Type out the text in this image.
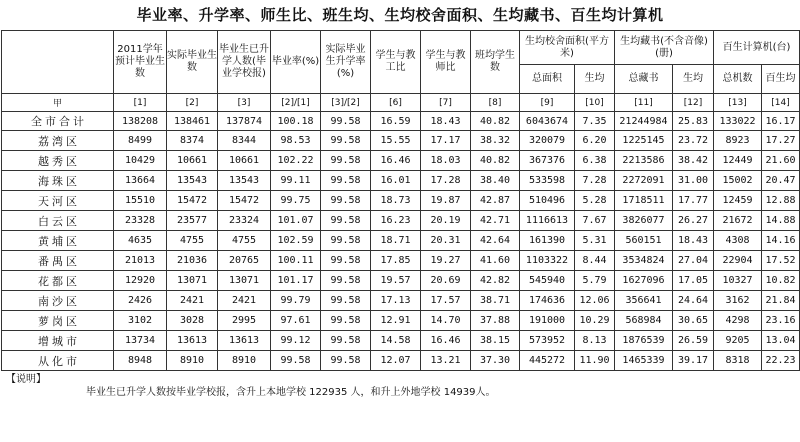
毕业率、升学率、师生比、班生均、生均校舍面积、生均藏书、百生均计算机
	2011学年预计毕业生数	实际毕业生数	毕业生已升学人数(毕业学校报)	毕业率(%)	实际毕业生升学率(%)	学生与教工比	学生与教师比	班均学生数	生均校舍面积(平方米)		生均藏书(不含音像)(册)		百生计算机(台)	
									总面积	生均	总藏书	生均	总机数	百生均
甲	[1]	[2]	[3]	[2]/[1]	[3]/[2]	[6]	[7]	[8]	[9]	[10]	[11]	[12]	[13]	[14]
全市合计	138208	138461	137874	100.18	99.58	16.59	18.43	40.82	6043674	7.35	21244984	25.83	133022	16.17
荔湾区	8499	8374	8344	98.53	99.58	15.55	17.17	38.32	320079	6.20	1225145	23.72	8923	17.27
越秀区	10429	10661	10661	102.22	99.58	16.46	18.03	40.82	367376	6.38	2213586	38.42	12449	21.60
海珠区	13664	13543	13543	99.11	99.58	16.01	17.28	38.40	533598	7.28	2272091	31.00	15002	20.47
天河区	15510	15472	15472	99.75	99.58	18.73	19.87	42.87	510496	5.28	1718511	17.77	12459	12.88
白云区	23328	23577	23324	101.07	99.58	16.23	20.19	42.71	1116613	7.67	3826077	26.27	21672	14.88
黄埔区	4635	4755	4755	102.59	99.58	18.71	20.31	42.64	161390	5.31	560151	18.43	4308	14.16
番禺区	21013	21036	20765	100.11	99.58	17.85	19.27	41.60	1103322	8.44	3534824	27.04	22904	17.52
花都区	12920	13071	13071	101.17	99.58	19.57	20.69	42.82	545940	5.79	1627096	17.05	10327	10.82
南沙区	2426	2421	2421	99.79	99.58	17.13	17.57	38.71	174636	12.06	356641	24.64	3162	21.84
萝岗区	3102	3028	2995	97.61	99.58	12.91	14.70	37.88	191000	10.29	568984	30.65	4298	23.16
增城市	13734	13613	13613	99.12	99.58	14.58	16.46	38.15	573952	8.13	1876539	26.59	9205	13.04
从化市	8948	8910	8910	99.58	99.58	12.07	13.21	37.30	445272	11.90	1465339	39.17	8318	22.23
【说明】
毕业生已升学人数按毕业学校报，含升上本地学校 122935 人，和升上外地学校 14939人。
